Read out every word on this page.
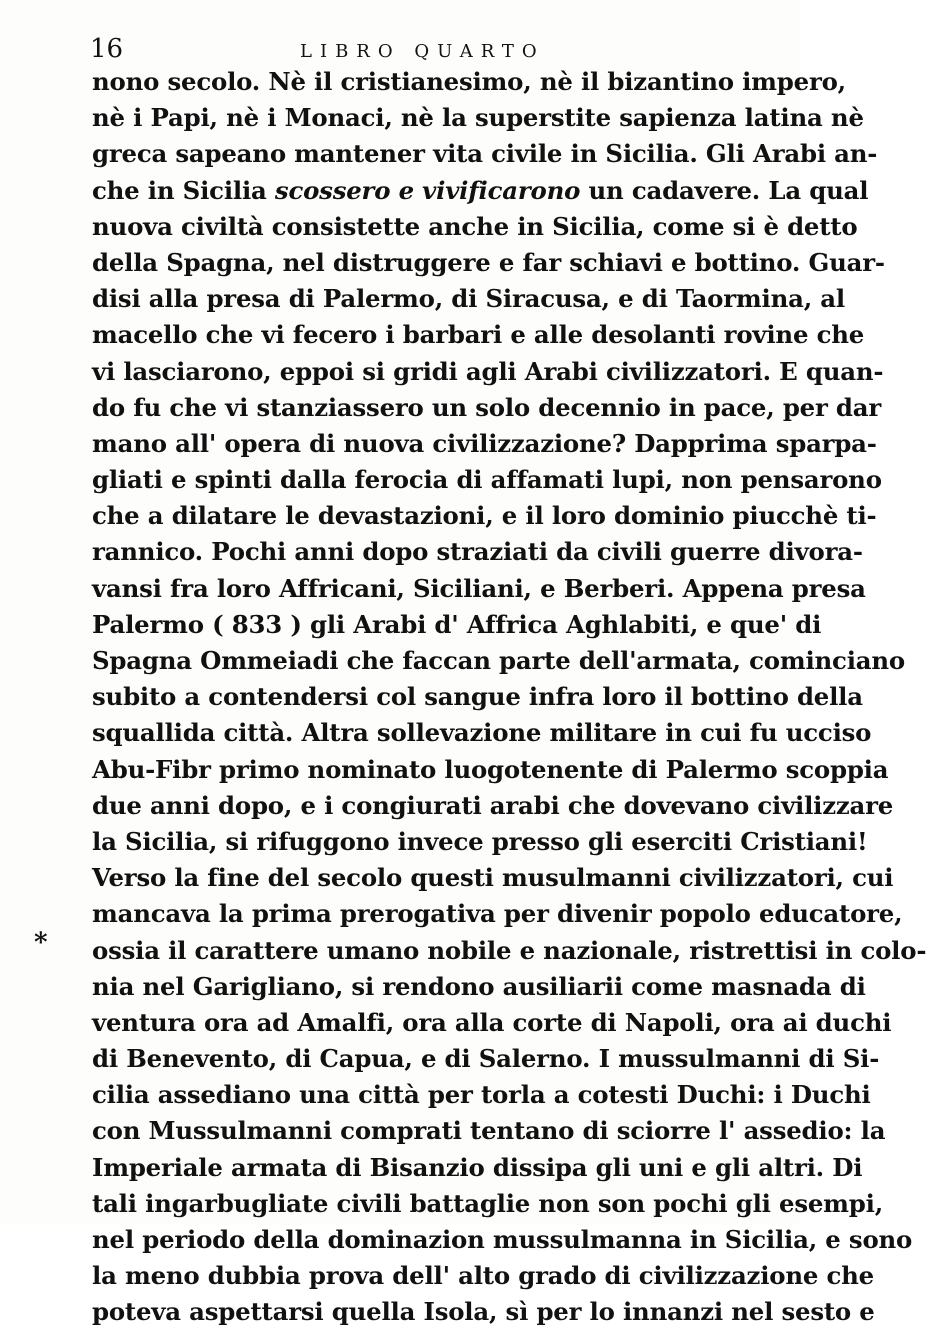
16	LIBRO QUARTO
*
nono secolo. Nè il cristianesimo, nè il bizantino impero,
nè i Papi, nè i Monaci, nè la superstite sapienza latina nè
greca sapeano mantener vita civile in Sicilia. Gli Arabi an-
che in Sicilia scossero e vivificarono un cadavere. La qual
nuova civiltà consistette anche in Sicilia, come si è detto
della Spagna, nel distruggere e far schiavi e bottino. Guar-
disi alla presa di Palermo, di Siracusa, e di Taormina, al
macello che vi fecero i barbari e alle desolanti rovine che
vi lasciarono, eppoi si gridi agli Arabi civilizzatori. E quan-
do fu che vi stanziassero un solo decennio in pace, per dar
mano all' opera di nuova civilizzazione? Dapprima sparpa-
gliati e spinti dalla ferocia di affamati lupi, non pensarono
che a dilatare le devastazioni, e il loro dominio piucchè ti-
rannico. Pochi anni dopo straziati da civili guerre divora-
vansi fra loro Affricani, Siciliani, e Berberi. Appena presa
Palermo ( 833 ) gli Arabi d' Affrica Aghlabiti, e que' di
Spagna Ommeiadi che faccan parte dell'armata, cominciano
subito a contendersi col sangue infra loro il bottino della
squallida città. Altra sollevazione militare in cui fu ucciso
Abu-Fibr primo nominato luogotenente di Palermo scoppia
due anni dopo, e i congiurati arabi che dovevano civilizzare
la Sicilia, si rifuggono invece presso gli eserciti Cristiani!
Verso la fine del secolo questi musulmanni civilizzatori, cui
mancava la prima prerogativa per divenir popolo educatore,
ossia il carattere umano nobile e nazionale, ristrettisi in colo-
nia nel Garigliano, si rendono ausiliarii come masnada di
ventura ora ad Amalfi, ora alla corte di Napoli, ora ai duchi
di Benevento, di Capua, e di Salerno. I mussulmanni di Si-
cilia assediano una città per torla a cotesti Duchi: i Duchi
con Mussulmanni comprati tentano di sciorre l' assedio: la
Imperiale armata di Bisanzio dissipa gli uni e gli altri. Di
tali ingarbugliate civili battaglie non son pochi gli esempi,
nel periodo della dominazion mussulmanna in Sicilia, e sono
la meno dubbia prova dell' alto grado di civilizzazione che
poteva aspettarsi quella Isola, sì per lo innanzi nel sesto e
